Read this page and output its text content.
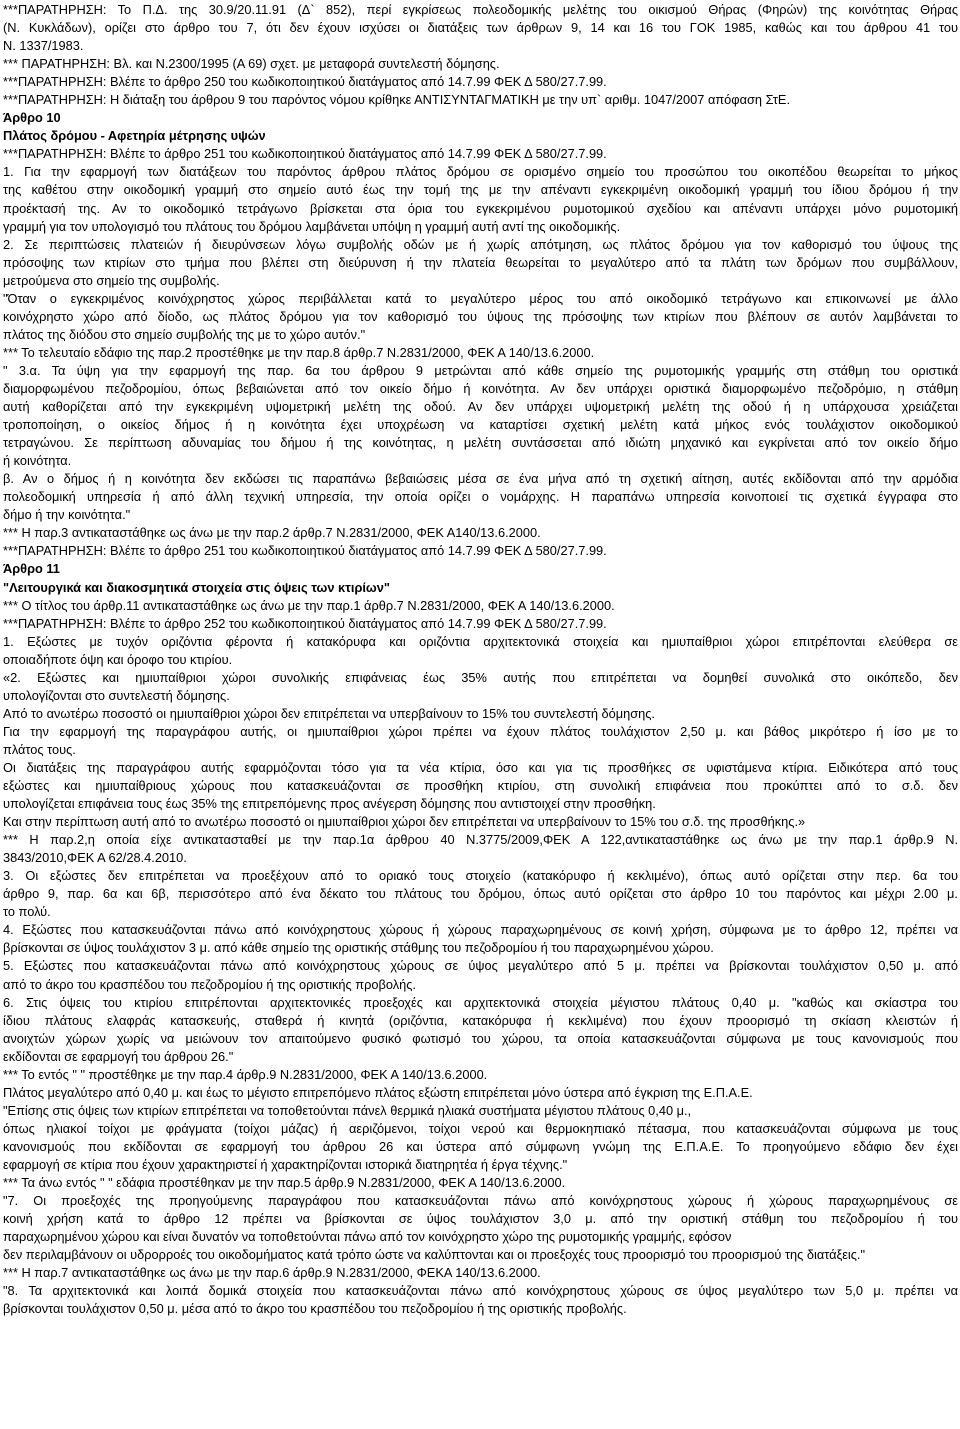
***ΠΑΡΑΤΗΡΗΣΗ: Το Π.Δ. της 30.9/20.11.91 (Δ` 852), περί εγκρίσεως πολεοδομικής μελέτης του οικισμού Θήρας (Φηρών) της κοινότητας Θήρας
(Ν. Κυκλάδων), ορίζει στο άρθρο του 7, ότι δεν έχουν ισχύσει οι διατάξεις των άρθρων 9, 14 και 16 του ΓΟΚ 1985, καθώς και του άρθρου 41 του
Ν. 1337/1983.
*** ΠΑΡΑΤΗΡΗΣΗ: Βλ. και Ν.2300/1995 (Α 69) σχετ. με μεταφορά συντελεστή δόμησης.
***ΠΑΡΑΤΗΡΗΣΗ: Βλέπε το άρθρο 250 του κωδικοποιητικού διατάγματος από 14.7.99 ΦΕΚ Δ 580/27.7.99.
***ΠΑΡΑΤΗΡΗΣΗ: Η διάταξη του άρθρου 9 του παρόντος νόμου κρίθηκε ΑΝΤΙΣΥΝΤΑΓΜΑΤΙΚΗ με την υπ` αριθμ. 1047/2007 απόφαση ΣτΕ.
Άρθρο 10
Πλάτος δρόμου - Αφετηρία μέτρησης υψών
***ΠΑΡΑΤΗΡΗΣΗ: Βλέπε το άρθρο 251 του κωδικοποιητικού διατάγματος από 14.7.99 ΦΕΚ Δ 580/27.7.99.
1. Για την εφαρμογή των διατάξεων του παρόντος άρθρου πλάτος δρόμου σε ορισμένο σημείο του προσώπου του οικοπέδου θεωρείται το μήκος
της καθέτου στην οικοδομική γραμμή στο σημείο αυτό έως την τομή της με την απέναντι εγκεκριμένη οικοδομική γραμμή του ίδιου δρόμου ή την
προέκτασή της. Αν το οικοδομικό τετράγωνο βρίσκεται στα όρια του εγκεκριμένου ρυμοτομικού σχεδίου και απέναντι υπάρχει μόνο ρυμοτομική
γραμμή για τον υπολογισμό του πλάτους του δρόμου λαμβάνεται υπόψη η γραμμή αυτή αντί της οικοδομικής.
2. Σε περιπτώσεις πλατειών ή διευρύνσεων λόγω συμβολής οδών με ή χωρίς απότμηση, ως πλάτος δρόμου για τον καθορισμό του ύψους της
πρόσοψης των κτιρίων στο τμήμα που βλέπει στη διεύρυνση ή την πλατεία θεωρείται το μεγαλύτερο από τα πλάτη των δρόμων που συμβάλλουν,
μετρούμενα στο σημείο της συμβολής.
"Όταν ο εγκεκριμένος κοινόχρηστος χώρος περιβάλλεται κατά το μεγαλύτερο μέρος του από οικοδομικό τετράγωνο και επικοινωνεί με άλλο
κοινόχρηστο χώρο από δίοδο, ως πλάτος δρόμου για τον καθορισμό του ύψους της πρόσοψης των κτιρίων που βλέπουν σε αυτόν λαμβάνεται το
πλάτος της διόδου στο σημείο συμβολής της με το χώρο αυτόν."
*** Το τελευταίο εδάφιο της παρ.2 προστέθηκε με την παρ.8 άρθρ.7 Ν.2831/2000, ΦΕΚ Α 140/13.6.2000.
" 3.α. Τα ύψη για την εφαρμογή της παρ. 6α του άρθρου 9 μετρώνται από κάθε σημείο της ρυμοτομικής γραμμής στη στάθμη του οριστικά
διαμορφωμένου πεζοδρομίου, όπως βεβαιώνεται από τον οικείο δήμο ή κοινότητα. Αν δεν υπάρχει οριστικά διαμορφωμένο πεζοδρόμιο, η στάθμη
αυτή καθορίζεται από την εγκεκριμένη υψομετρική μελέτη της οδού. Αν δεν υπάρχει υψομετρική μελέτη της οδού ή η υπάρχουσα χρειάζεται
τροποποίηση, ο οικείος δήμος ή η κοινότητα έχει υποχρέωση να καταρτίσει σχετική μελέτη κατά μήκος ενός τουλάχιστον οικοδομικού
τετραγώνου. Σε περίπτωση αδυναμίας του δήμου ή της κοινότητας, η μελέτη συντάσσεται από ιδιώτη μηχανικό και εγκρίνεται από τον οικείο δήμο
ή κοινότητα.
β. Αν ο δήμος ή η κοινότητα δεν εκδώσει τις παραπάνω βεβαιώσεις μέσα σε ένα μήνα από τη σχετική αίτηση, αυτές εκδίδονται από την αρμόδια
πολεοδομική υπηρεσία ή από άλλη τεχνική υπηρεσία, την οποία ορίζει ο νομάρχης. Η παραπάνω υπηρεσία κοινοποιεί τις σχετικά έγγραφα στο
δήμο ή την κοινότητα."
*** Η παρ.3 αντικαταστάθηκε ως άνω με την παρ.2 άρθρ.7 Ν.2831/2000, ΦΕΚ Α140/13.6.2000.
***ΠΑΡΑΤΗΡΗΣΗ: Βλέπε το άρθρο 251 του κωδικοποιητικού διατάγματος από 14.7.99 ΦΕΚ Δ 580/27.7.99.
Άρθρο 11
"Λειτουργικά και διακοσμητικά στοιχεία στις όψεις των κτιρίων"
*** Ο τίτλος του άρθρ.11 αντικαταστάθηκε ως άνω με την παρ.1 άρθρ.7 Ν.2831/2000, ΦΕΚ Α 140/13.6.2000.
***ΠΑΡΑΤΗΡΗΣΗ: Βλέπε το άρθρο 252 του κωδικοποιητικού διατάγματος από 14.7.99 ΦΕΚ Δ 580/27.7.99.
1. Εξώστες με τυχόν οριζόντια φέροντα ή κατακόρυφα και οριζόντια αρχιτεκτονικά στοιχεία και ημιυπαίθριοι χώροι επιτρέπονται ελεύθερα σε
οποιαδήποτε όψη και όροφο του κτιρίου.
«2. Εξώστες και ημιυπαίθριοι χώροι συνολικής επιφάνειας έως 35% αυτής που επιτρέπεται να δομηθεί συνολικά στο οικόπεδο, δεν
υπολογίζονται στο συντελεστή δόμησης.
Από το ανωτέρω ποσοστό οι ημιυπαίθριοι χώροι δεν επιτρέπεται να υπερβαίνουν το 15% του συντελεστή δόμησης.
Για την εφαρμογή της παραγράφου αυτής, οι ημιυπαίθριοι χώροι πρέπει να έχουν πλάτος τουλάχιστον 2,50 μ. και βάθος μικρότερο ή ίσο με το
πλάτος τους.
Οι διατάξεις της παραγράφου αυτής εφαρμόζονται τόσο για τα νέα κτίρια, όσο και για τις προσθήκες σε υφιστάμενα κτίρια. Ειδικότερα από τους
εξώστες και ημιυπαίθριους χώρους που κατασκευάζονται σε προσθήκη κτιρίου, στη συνολική επιφάνεια που προκύπτει από το σ.δ. δεν
υπολογίζεται επιφάνεια τους έως 35% της επιτρεπόμενης προς ανέγερση δόμησης που αντιστοιχεί στην προσθήκη.
Και στην περίπτωση αυτή από το ανωτέρω ποσοστό οι ημιυπαίθριοι χώροι δεν επιτρέπεται να υπερβαίνουν το 15% του σ.δ. της προσθήκης.»
*** Η παρ.2,η οποία είχε αντικατασταθεί με την παρ.1α άρθρου 40 Ν.3775/2009,ΦΕΚ Α 122,αντικαταστάθηκε ως άνω με την παρ.1 άρθρ.9 Ν.
3843/2010,ΦΕΚ Α 62/28.4.2010.
3. Οι εξώστες δεν επιτρέπεται να προεξέχουν από το οριακό τους στοιχείο (κατακόρυφο ή κεκλιμένο), όπως αυτό ορίζεται στην περ. 6α του
άρθρο 9, παρ. 6α και 6β, περισσότερο από ένα δέκατο του πλάτους του δρόμου, όπως αυτό ορίζεται στο άρθρο 10 του παρόντος και μέχρι 2.00 μ.
το πολύ.
4. Εξώστες που κατασκευάζονται πάνω από κοινόχρηστους χώρους ή χώρους παραχωρημένους σε κοινή χρήση, σύμφωνα με το άρθρο 12, πρέπει να
βρίσκονται σε ύψος τουλάχιστον 3 μ. από κάθε σημείο της οριστικής στάθμης του πεζοδρομίου ή του παραχωρημένου χώρου.
5. Εξώστες που κατασκευάζονται πάνω από κοινόχρηστους χώρους σε ύψος μεγαλύτερο από 5 μ. πρέπει να βρίσκονται τουλάχιστον 0,50 μ. από
από το άκρο του κρασπέδου του πεζοδρομίου ή της οριστικής προβολής.
6. Στις όψεις του κτιρίου επιτρέπονται αρχιτεκτονικές προεξοχές και αρχιτεκτονικά στοιχεία μέγιστου πλάτους 0,40 μ. "καθώς και σκίαστρα του
ίδιου πλάτους ελαφράς κατασκευής, σταθερά ή κινητά (οριζόντια, κατακόρυφα ή κεκλιμένα) που έχουν προορισμό τη σκίαση κλειστών ή
ανοιχτών χώρων χωρίς να μειώνουν τον απαιτούμενο φυσικό φωτισμό του χώρου, τα οποία κατασκευάζονται σύμφωνα με τους κανονισμούς που
εκδίδονται σε εφαρμογή του άρθρου 26."
*** Το εντός " " προστέθηκε με την παρ.4 άρθρ.9 Ν.2831/2000, ΦΕΚ Α 140/13.6.2000.
Πλάτος μεγαλύτερο από 0,40 μ. και έως το μέγιστο επιτρεπόμενο πλάτος εξώστη επιτρέπεται μόνο ύστερα από έγκριση της Ε.Π.Α.Ε.
"Επίσης στις όψεις των κτιρίων επιτρέπεται να τοποθετούνται πάνελ θερμικά ηλιακά συστήματα μέγιστου πλάτους 0,40 μ.,
όπως ηλιακοί τοίχοι με φράγματα (τοίχοι μάζας) ή αεριζόμενοι, τοίχοι νερού και θερμοκηπιακό πέτασμα, που κατασκευάζονται σύμφωνα με τους
κανονισμούς που εκδίδονται σε εφαρμογή του άρθρου 26 και ύστερα από σύμφωνη γνώμη της Ε.Π.Α.Ε. Το προηγούμενο εδάφιο δεν έχει
εφαρμογή σε κτίρια που έχουν χαρακτηριστεί ή χαρακτηρίζονται ιστορικά διατηρητέα ή έργα τέχνης."
*** Τα άνω εντός " " εδάφια προστέθηκαν με την παρ.5 άρθρ.9 Ν.2831/2000, ΦΕΚ Α 140/13.6.2000.
"7. Οι προεξοχές της προηγούμενης παραγράφου που κατασκευάζονται πάνω από κοινόχρηστους χώρους ή χώρους παραχωρημένους σε
κοινή χρήση κατά το άρθρο 12 πρέπει να βρίσκονται σε ύψος τουλάχιστον 3,0 μ. από την οριστική στάθμη του πεζοδρομίου ή του
παραχωρημένου χώρου και είναι δυνατόν να τοποθετούνται πάνω από τον κοινόχρηστο χώρο της ρυμοτομικής γραμμής, εφόσον
δεν περιλαμβάνουν οι υδρορροές του οικοδομήματος κατά τρόπο ώστε να καλύπτονται και οι προεξοχές τους προορισμό του προορισμού της διατάξεις."
*** Η παρ.7 αντικαταστάθηκε ως άνω με την παρ.6 άρθρ.9 Ν.2831/2000, ΦΕΚΑ 140/13.6.2000.
"8. Τα αρχιτεκτονικά και λοιπά δομικά στοιχεία που κατασκευάζονται πάνω από κοινόχρηστους χώρους σε ύψος μεγαλύτερο των 5,0 μ. πρέπει να
βρίσκονται τουλάχιστον 0,50 μ. μέσα από το άκρο του κρασπέδου του πεζοδρομίου ή της οριστικής προβολής.
